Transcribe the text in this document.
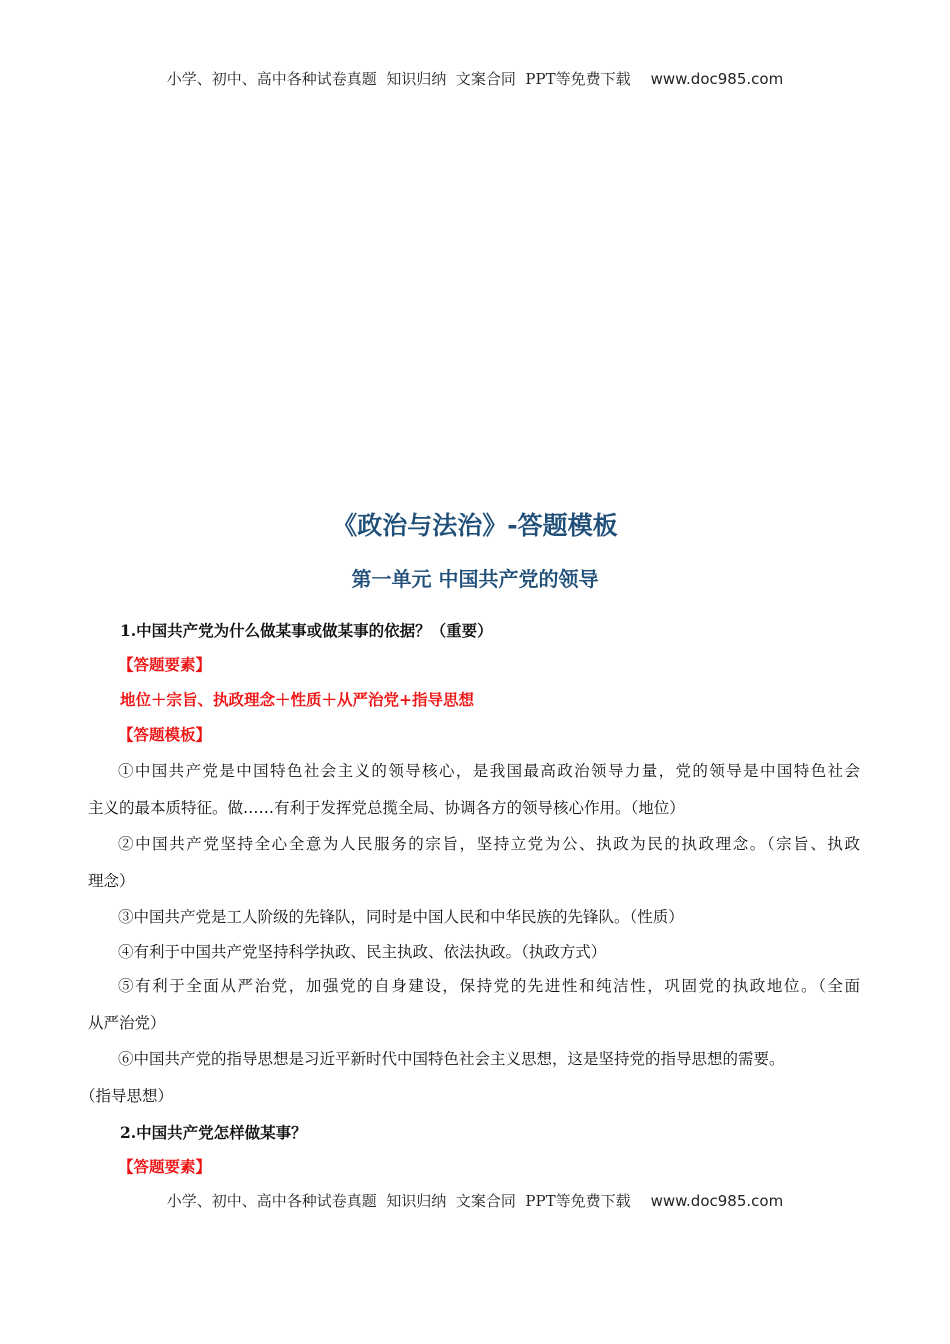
小学、初中、高中各种试卷真题  知识归纳  文案合同  PPT等免费下载 www.doc985.com
《政治与法治》-答题模板
第一单元 中国共产党的领导
1.中国共产党为什么做某事或做某事的依据？（重要）
【答题要素】
地位＋宗旨、执政理念＋性质＋从严治党+指导思想
【答题模板】
①中国共产党是中国特色社会主义的领导核心，是我国最高政治领导力量，党的领导是中国特色社会
主义的最本质特征。做……有利于发挥党总揽全局、协调各方的领导核心作用。（地位）
②中国共产党坚持全心全意为人民服务的宗旨，坚持立党为公、执政为民的执政理念。（宗旨、执政
理念）
③中国共产党是工人阶级的先锋队，同时是中国人民和中华民族的先锋队。（性质）
④有利于中国共产党坚持科学执政、民主执政、依法执政。（执政方式）
⑤有利于全面从严治党，加强党的自身建设，保持党的先进性和纯洁性，巩固党的执政地位。（全面
从严治党）
⑥中国共产党的指导思想是习近平新时代中国特色社会主义思想，这是坚持党的指导思想的需要。
（指导思想）
2.中国共产党怎样做某事？
【答题要素】
小学、初中、高中各种试卷真题  知识归纳  文案合同  PPT等免费下载 www.doc985.com
